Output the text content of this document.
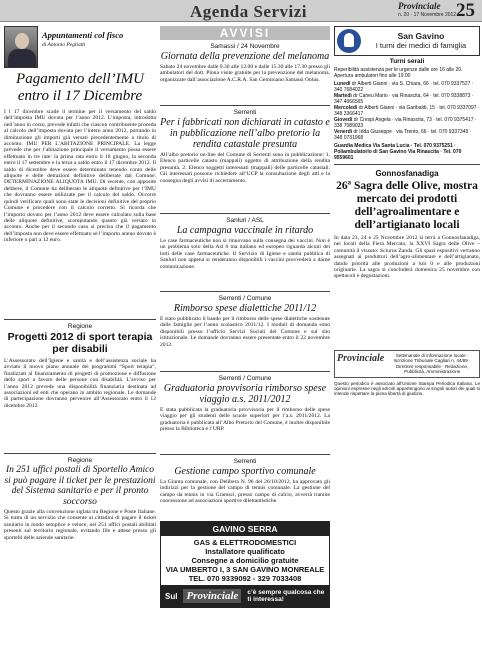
Agenda Servizi	Provinciale
n. 20 · 17 Novembre 2012 25
Appuntamenti col fisco
di Antonio Pegliatti
Pagamento dell’IMU entro il 17 Dicembre
I l 17 dicembre scade il termine per il versamento del saldo dell’imposta IMU dovuta per l’anno 2012. L’imposta, introdotta nell’anno in corso, prevede infatti che ciascun contribuente proceda al calcolo dell’imposta dovuta per l’intero anno 2012, portando in diminuzione gli importi già versati precedentemente a titolo di acconto. IMU PER L’ABITAZIONE PRINCIPALE. La legge prevede che per l’abitazione principale il versamento possa essere effettuato in tre rate: la prima rata entro il 18 giugno, la seconda entro il 17 settembre e la terza a saldo entro il 17 dicembre 2012. Il saldo di dicembre deve essere determinato tenendo conto delle aliquote e delle detrazioni definitive deliberate dal Comune. DETERMINAZIONE ALIQUOTA IMU. Di recente, con apposite delibere, il Comune ha deliberato le aliquote definitive per l’IMU che dovranno essere utilizzate per il calcolo del saldo. Occorre quindi verificare quali sono state le decisioni definitive del proprio Comune e procedere con il calcolo corretto. Si ricorda che l’importo dovuto per l’anno 2012 deve essere calcolato sulla base delle aliquote definitive, scomputando quanto già versato in acconto. Anche per il secondo caso si precisa che il pagamento dell’imposta non deve essere effettuato se l’importo annuo dovuto è inferiore o pari a 12 euro.
Regione
Progetti 2012 di sport terapia per disabili
L’Assessorato dell’Igiene e sanità e dell’assistenza sociale ha avviato il nuovo piano annuale dei programmi “Sport terapia”, finalizzati al finanziamento di progetti di promozione e diffusione dello sport a favore delle persone con disabilità. L’avviso per l’anno 2012 prevede una disponibilità finanziaria destinata ad associazioni ed enti che operano in ambito regionale. Le domande di partecipazione dovranno pervenire all’Assessorato entro il 12 dicembre 2012.
Regione
In 251 uffici postali di Sportello Amico si può pagare il ticket per le prestazioni del Sistema sanitario e per il pronto soccorso
Questo grazie alla convenzione siglata tra Regione e Poste Italiane. Si tratta di un servizio che consente ai cittadini di pagare il ticket sanitario in modo semplice e veloce, nei 251 uffici postali abilitati presenti sul territorio regionale, evitando file e attese presso gli sportelli delle aziende sanitarie.
AVVISI
Samassi / 24 Novembre
Giornata della prevenzione del melanoma
Sabato 24 novembre dalle 9.30 alle 12.00 e dalle 15.30 alle 17.30 presso gli ambulatori del dott. Pinna visite gratuite per la prevenzione del melanoma, organizzate dall’associazione A.C.R.A. San Geminiano Samassi Onlus.
Serrenti
Per i fabbricati non dichiarati in catasto e in pubblicazione nell’albo pretorio la rendita catastale presunta
All’albo pretorio on-line del Comune di Serrenti sono in pubblicazione: 1. Elenco particelle catasto (mappali) oggetto di attribuzione della rendita presunta. 2. Elenco soggetti interessati (mappali) delle particelle catastali. Gli interessati possono richiedere all’UCP la consultazione degli atti e la consegna degli avvisi di accertamento.
Sanluri / ASL
La campagna vaccinale in ritardo
Le case farmaceutiche non si rinnovano sulla consegna dei vaccini. Non è un problema solo della Asl 6 ma italiano ed europeo riguarda alcuni dei lotti delle case farmaceutiche. Il Servizio di Igiene e sanità pubblica di Sanluri non appena si renderanno disponibili i vaccini provvederà a darne comunicazione.
Serrenti / Comune
Rimborso spese dialettiche 2011/12
È stato pubblicato il bando per il rimborso delle spese dialettiche sostenute dalle famiglie per l’anno scolastico 2011/12. I moduli di domanda sono disponibili presso l’ufficio Servizi Sociali del Comune e sul sito istituzionale. Le domande dovranno essere presentate entro il 22 novembre 2012.
Serrenti / Comune
Graduatoria provvisoria rimborso spese viaggio a.s. 2011/2012
È stata pubblicata la graduatoria provvisoria per il rimborso delle spese viaggio per gli studenti delle scuole superiori per l’a.s. 2011/2012. La graduatoria è pubblicata all’Albo Pretorio del Comune, è inoltre disponibile presso la Biblioteca e l’URP.
Serrenti
Gestione campo sportivo comunale
La Giunta comunale, con Delibera N. 96 del 26/10/2012, ha approvato gli indirizzi per la gestione del campo di tennis comunale. La gestione del campo da tennis in via Gramsci, presso campo di calcio, avverrà tramite concessione ad associazioni sportive dilettantistiche.
GAVINO SERRA
GAS & ELETTRODOMESTICI
Installatore qualificato
Consegne a domicilio gratuite
VIA UMBERTO I, 3 SAN GAVINO MONREALE
TEL. 070 9339092 - 329 7033408
Sul Provinciale	c’è sempre qualcosa che ti interessa!
San Gavino
I turni dei medici di famiglia
Turni serali
Reperibilità assistenza per le urgenze dalle ore 16 alle 20. Apertura ambulatori fino alle 19.00
Lunedì dr Alberti Gianni · via S. Chiara, 66 · tel. 070 9337527 · 340 7684022
Martedì dr Caneu Mario · via Rinascita, 64 · tel. 070 9338873 · 347 4066565
Mercoledì dr Alberti Gianni · via Garibaldi, 15 · tel. 070 9337097 · 348 3366417
Giovedì dr Crespi Angela · via Rinascita, 73 · tel. 070 9375417 · 338 7089033
Venerdì dr Idda Giuseppe · via Trento, 66 · tel. 070 9337349 · 348 0731968
Guardia Medica Via Santa Lucia · Tel. 070 9375251 · Poliambulatorio di San Gavino Via Rinascita · Tel. 070 9559601
Gonnosfanadiga
26ª Sagra delle Olive, mostra mercato dei prodotti dell’agroalimentare e dell’artigianato locali
In data 23, 24 e 25 Novembre 2012 si terrà a Gonnosfanadiga, nei locali della Fiera Mercato, la XXVI Sagra delle Olive – comunità il vissuto: Sciurus Zanda. Gli spazi espositivi verranno assegnati ai produttori dell’agro-alimentare e dell’artigianato, dando priorità alle produzioni a km 0 e alle produzioni originarie. La sagra si concluderà domenica 25 novembre con spettacoli e degustazioni.
Provinciale	Settimanale di informazione locale · Iscrizione Tribunale Cagliari n. 44/89 · Direttore responsabile · Redazione, Pubblicità, Amministrazione
Questo periodico è associato all’Unione Stampa Periodica Italiana. Le opinioni espresse negli articoli appartengono ai singoli autori dei quali si intende rispettare la piena libertà di giudizio.
